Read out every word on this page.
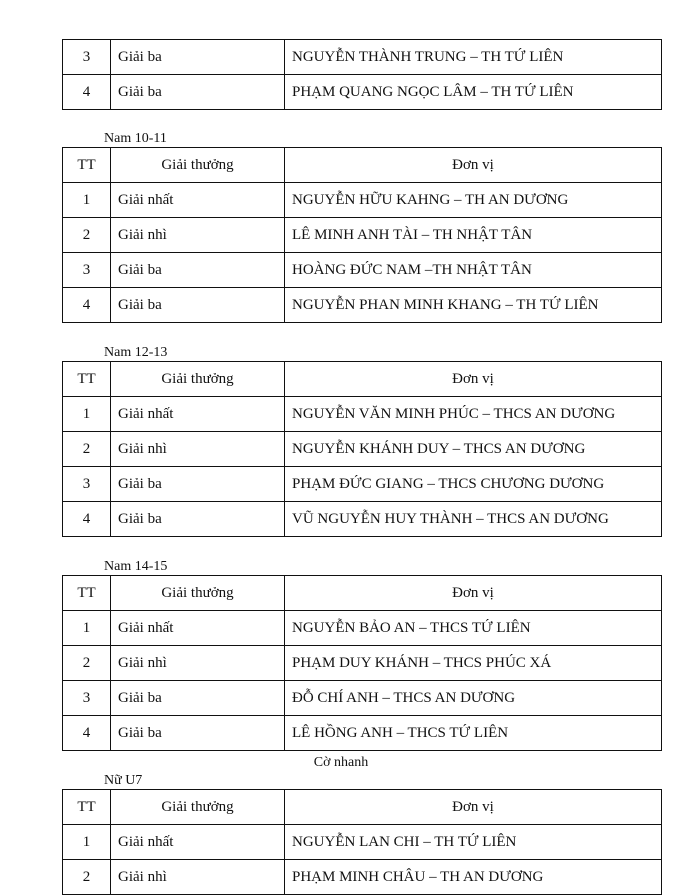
3	Giải ba	NGUYỄN THÀNH TRUNG – TH TỨ LIÊN
4	Giải ba	PHẠM QUANG NGỌC LÂM – TH TỨ LIÊN
Nam 10-11
TT	Giải thưởng	Đơn vị
1	Giải nhất	NGUYỄN HỮU KAHNG – TH AN DƯƠNG
2	Giải nhì	LÊ MINH ANH TÀI – TH NHẬT TÂN
3	Giải ba	HOÀNG ĐỨC NAM –TH NHẬT TÂN
4	Giải ba	NGUYỄN PHAN MINH KHANG – TH TỨ LIÊN
Nam 12-13
TT	Giải thưởng	Đơn vị
1	Giải nhất	NGUYỄN VĂN MINH PHÚC – THCS AN DƯƠNG
2	Giải nhì	NGUYỄN KHÁNH DUY – THCS AN DƯƠNG
3	Giải ba	PHẠM ĐỨC GIANG – THCS CHƯƠNG DƯƠNG
4	Giải ba	VŨ NGUYỄN HUY THÀNH – THCS AN DƯƠNG
Nam 14-15
TT	Giải thưởng	Đơn vị
1	Giải nhất	NGUYỄN BẢO AN – THCS TỨ LIÊN
2	Giải nhì	PHẠM DUY KHÁNH – THCS PHÚC XÁ
3	Giải ba	ĐỖ CHÍ ANH – THCS AN DƯƠNG
4	Giải ba	LÊ HỒNG ANH – THCS TỨ LIÊN
Cờ nhanh
Nữ U7
TT	Giải thưởng	Đơn vị
1	Giải nhất	NGUYỄN LAN CHI – TH TỨ LIÊN
2	Giải nhì	PHẠM MINH CHÂU – TH AN DƯƠNG
